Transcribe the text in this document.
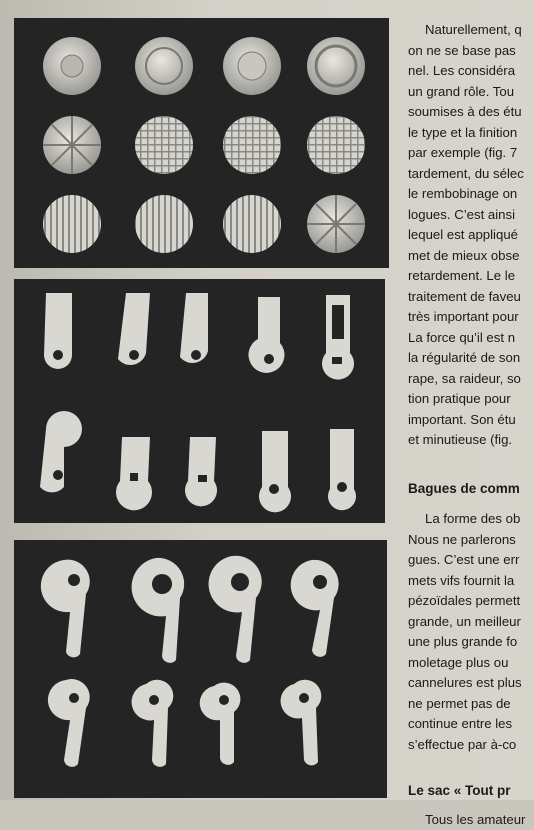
Naturellement, q

on ne se base pas

nel. Les considéra

un grand rôle. Tou

soumises à des étu

le type et la finition

par exemple (fig. 7

tardement, du sélec

le rembobinage on

logues. C’est ainsi

lequel est appliqué

met de mieux obse

retardement. Le le

traitement de faveu

très important pour

La force qu’il est n

la régularité de son

rape, sa raideur, so

tion pratique pour

important. Son étu

et minutieuse (fig.

Bagues de comm

La forme des ob

Nous ne parlerons

gues. C’est une err

mets vifs fournit la

pézoïdales permett

grande, un meilleur

une plus grande fo

moletage plus ou

cannelures est plus

ne permet pas de

continue entre les

s’effectue par à-co

Le sac « Tout pr

Tous les amateur
